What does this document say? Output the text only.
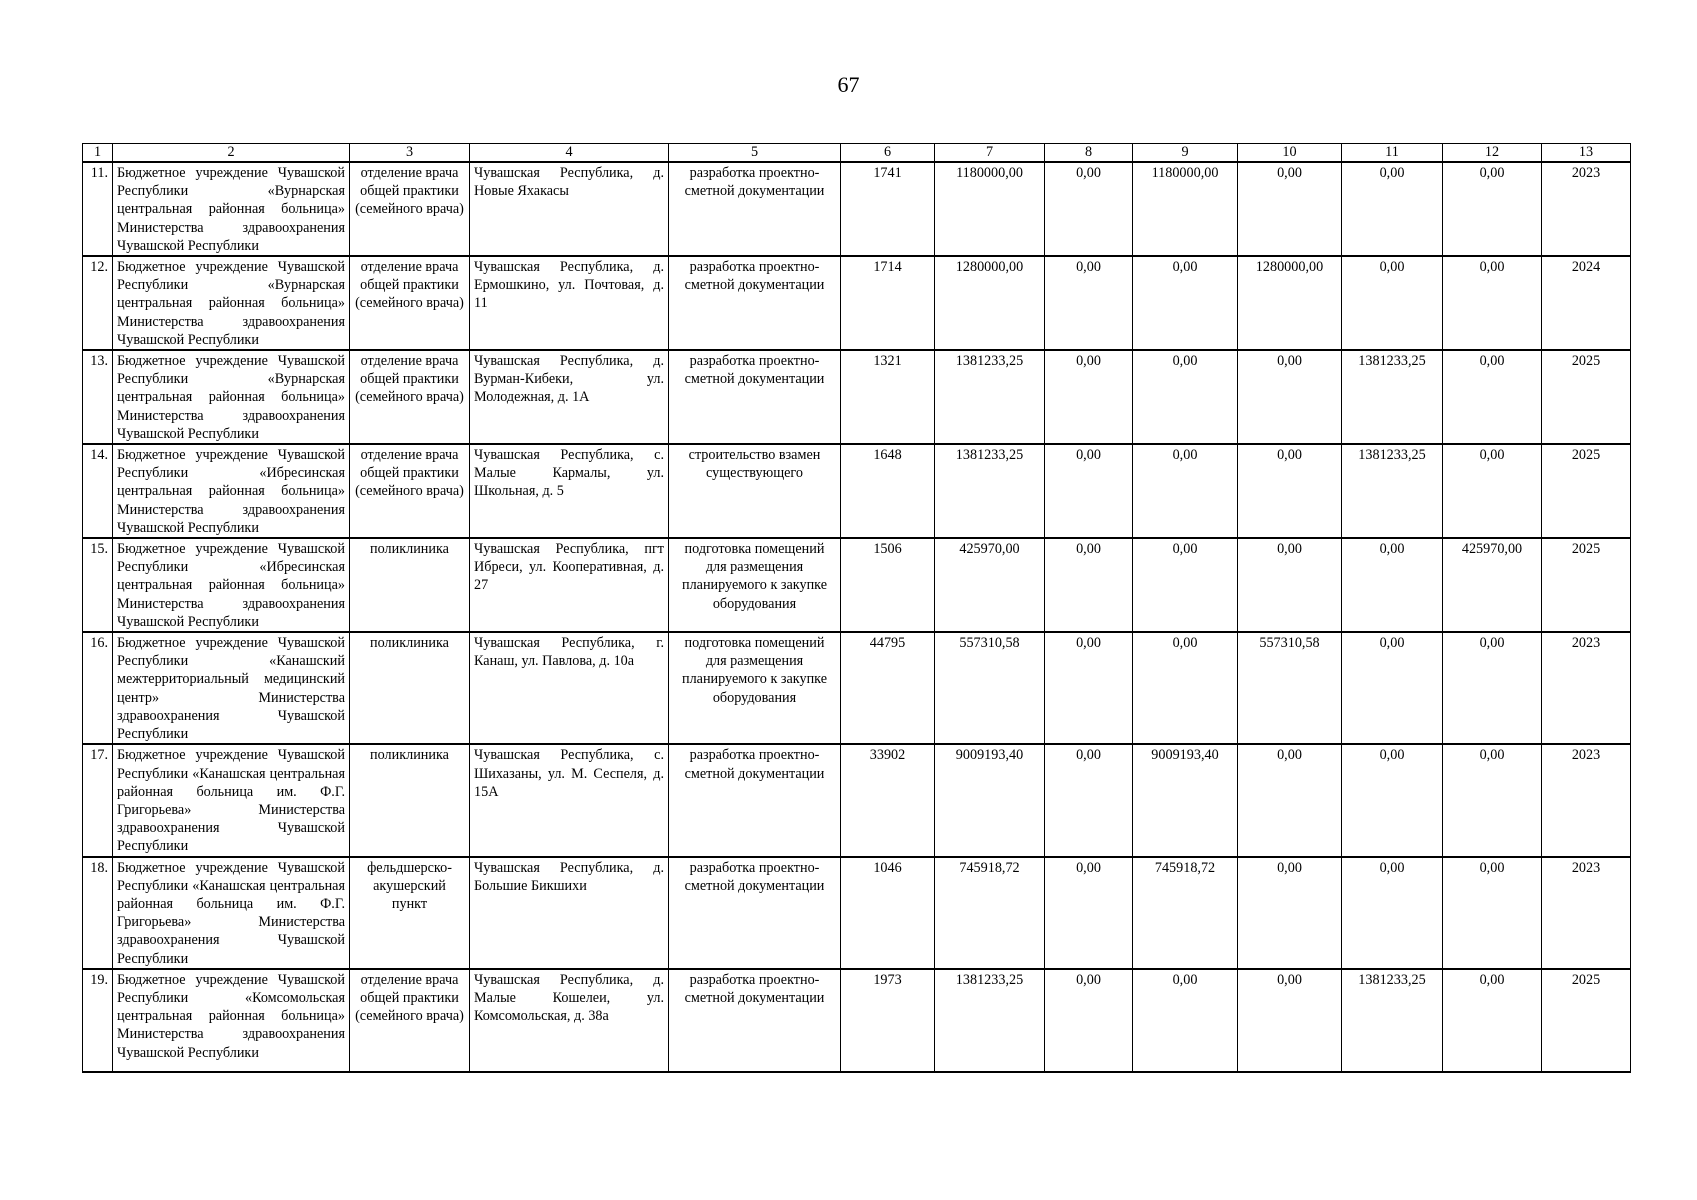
67
1	2	3	4	5	6	7	8	9	10	11	12	13
11.	Бюджетное учреждение Чувашской Республики «Вурнарская центральная районная больница» Министерства здравоохранения Чувашской Республики	отделение врача общей практики (семейного врача)	Чувашская Республика, д. Новые Яхакасы	разработка проектно-сметной документации	1741	1180000,00	0,00	1180000,00	0,00	0,00	0,00	2023
12.	Бюджетное учреждение Чувашской Республики «Вурнарская центральная районная больница» Министерства здравоохранения Чувашской Республики	отделение врача общей практики (семейного врача)	Чувашская Республика, д. Ермошкино, ул. Почтовая, д. 11	разработка проектно-сметной документации	1714	1280000,00	0,00	0,00	1280000,00	0,00	0,00	2024
13.	Бюджетное учреждение Чувашской Республики «Вурнарская центральная районная больница» Министерства здравоохранения Чувашской Республики	отделение врача общей практики (семейного врача)	Чувашская Республика, д. Вурман-Кибеки, ул. Молодежная, д. 1А	разработка проектно-сметной документации	1321	1381233,25	0,00	0,00	0,00	1381233,25	0,00	2025
14.	Бюджетное учреждение Чувашской Республики «Ибресинская центральная районная больница» Министерства здравоохранения Чувашской Республики	отделение врача общей практики (семейного врача)	Чувашская Республика, с. Малые Кармалы, ул. Школьная, д. 5	строительство взамен существующего	1648	1381233,25	0,00	0,00	0,00	1381233,25	0,00	2025
15.	Бюджетное учреждение Чувашской Республики «Ибресинская центральная районная больница» Министерства здравоохранения Чувашской Республики	поликлиника	Чувашская Республика, пгт Ибреси, ул. Кооперативная, д. 27	подготовка помещений для размещения планируемого к закупке оборудования	1506	425970,00	0,00	0,00	0,00	0,00	425970,00	2025
16.	Бюджетное учреждение Чувашской Республики «Канашский межтерриториальный медицинский центр» Министерства здравоохранения Чувашской Республики	поликлиника	Чувашская Республика, г. Канаш, ул. Павлова, д. 10а	подготовка помещений для размещения планируемого к закупке оборудования	44795	557310,58	0,00	0,00	557310,58	0,00	0,00	2023
17.	Бюджетное учреждение Чувашской Республики «Канашская центральная районная больница им. Ф.Г. Григорьева» Министерства здравоохранения Чувашской Республики	поликлиника	Чувашская Республика, с. Шихазаны, ул. М. Сеспеля, д. 15А	разработка проектно-сметной документации	33902	9009193,40	0,00	9009193,40	0,00	0,00	0,00	2023
18.	Бюджетное учреждение Чувашской Республики «Канашская центральная районная больница им. Ф.Г. Григорьева» Министерства здравоохранения Чувашской Республики	фельдшерско-акушерский пункт	Чувашская Республика, д. Большие Бикшихи	разработка проектно-сметной документации	1046	745918,72	0,00	745918,72	0,00	0,00	0,00	2023
19.	Бюджетное учреждение Чувашской Республики «Комсомольская центральная районная больница» Министерства здравоохранения Чувашской Республики	отделение врача общей практики (семейного врача)	Чувашская Республика, д. Малые Кошелеи, ул. Комсомольская, д. 38а	разработка проектно-сметной документации	1973	1381233,25	0,00	0,00	0,00	1381233,25	0,00	2025
